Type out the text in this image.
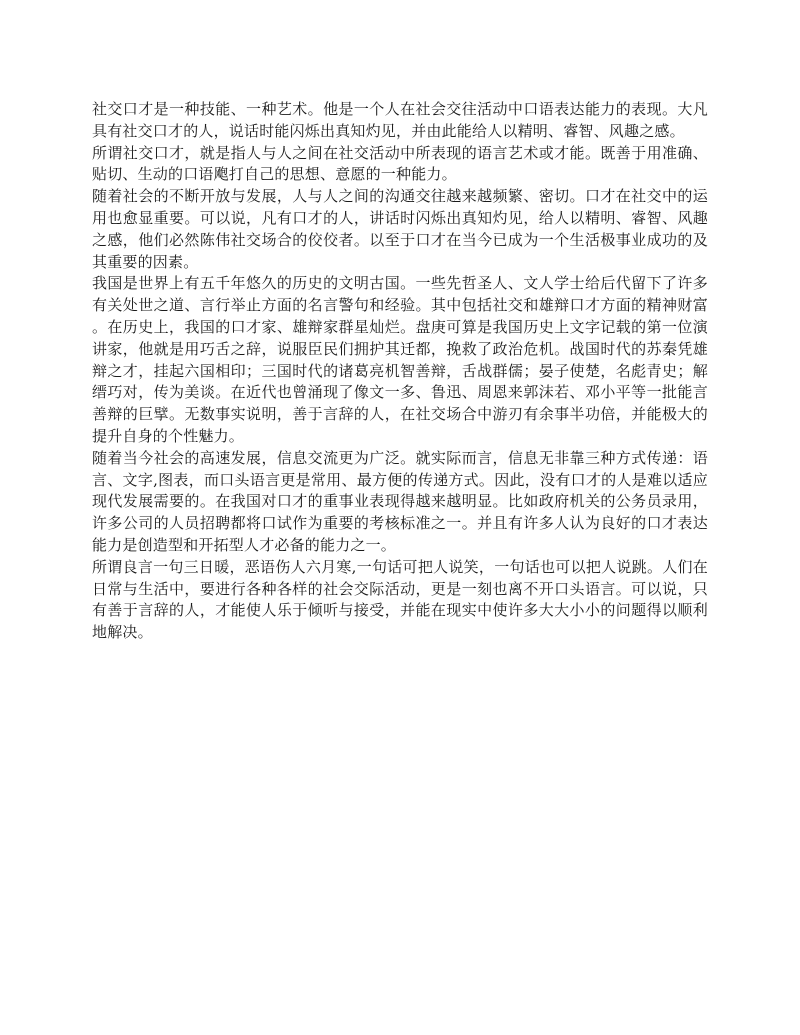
社交口才是一种技能、一种艺术。他是一个人在社会交往活动中口语表达能力的表现。大凡具有社交口才的人，说话时能闪烁出真知灼见，并由此能给人以精明、睿智、风趣之感。

所谓社交口才，就是指人与人之间在社交活动中所表现的语言艺术或才能。既善于用准确、贴切、生动的口语飑打自己的思想、意愿的一种能力。

随着社会的不断开放与发展，人与人之间的沟通交往越来越频繁、密切。口才在社交中的运用也愈显重要。可以说，凡有口才的人，讲话时闪烁出真知灼见，给人以精明、睿智、风趣之感，他们必然陈伟社交场合的佼佼者。以至于口才在当今已成为一个生活极事业成功的及其重要的因素。

我国是世界上有五千年悠久的历史的文明古国。一些先哲圣人、文人学士给后代留下了许多有关处世之道、言行举止方面的名言警句和经验。其中包括社交和雄辩口才方面的精神财富。在历史上，我国的口才家、雄辩家群星灿烂。盘庚可算是我国历史上文字记载的第一位演讲家，他就是用巧舌之辞，说服臣民们拥护其迁都，挽救了政治危机。战国时代的苏秦凭雄辩之才，挂起六国相印；三国时代的诸葛亮机智善辩，舌战群儒；晏子使楚，名彪青史；解缙巧对，传为美谈。在近代也曾涌现了像文一多、鲁迅、周恩来郭沫若、邓小平等一批能言善辩的巨擘。无数事实说明，善于言辞的人，在社交场合中游刃有余事半功倍，并能极大的提升自身的个性魅力。

随着当今社会的高速发展，信息交流更为广泛。就实际而言，信息无非靠三种方式传递：语言、文字,图表，而口头语言更是常用、最方便的传递方式。因此，没有口才的人是难以适应现代发展需要的。在我国对口才的重事业表现得越来越明显。比如政府机关的公务员录用，许多公司的人员招聘都将口试作为重要的考核标准之一。并且有许多人认为良好的口才表达能力是创造型和开拓型人才必备的能力之一。

所谓良言一句三日暖，恶语伤人六月寒,一句话可把人说笑，一句话也可以把人说跳。人们在日常与生活中，要进行各种各样的社会交际活动，更是一刻也离不开口头语言。可以说，只有善于言辞的人，才能使人乐于倾听与接受，并能在现实中使许多大大小小的问题得以顺利地解决。
